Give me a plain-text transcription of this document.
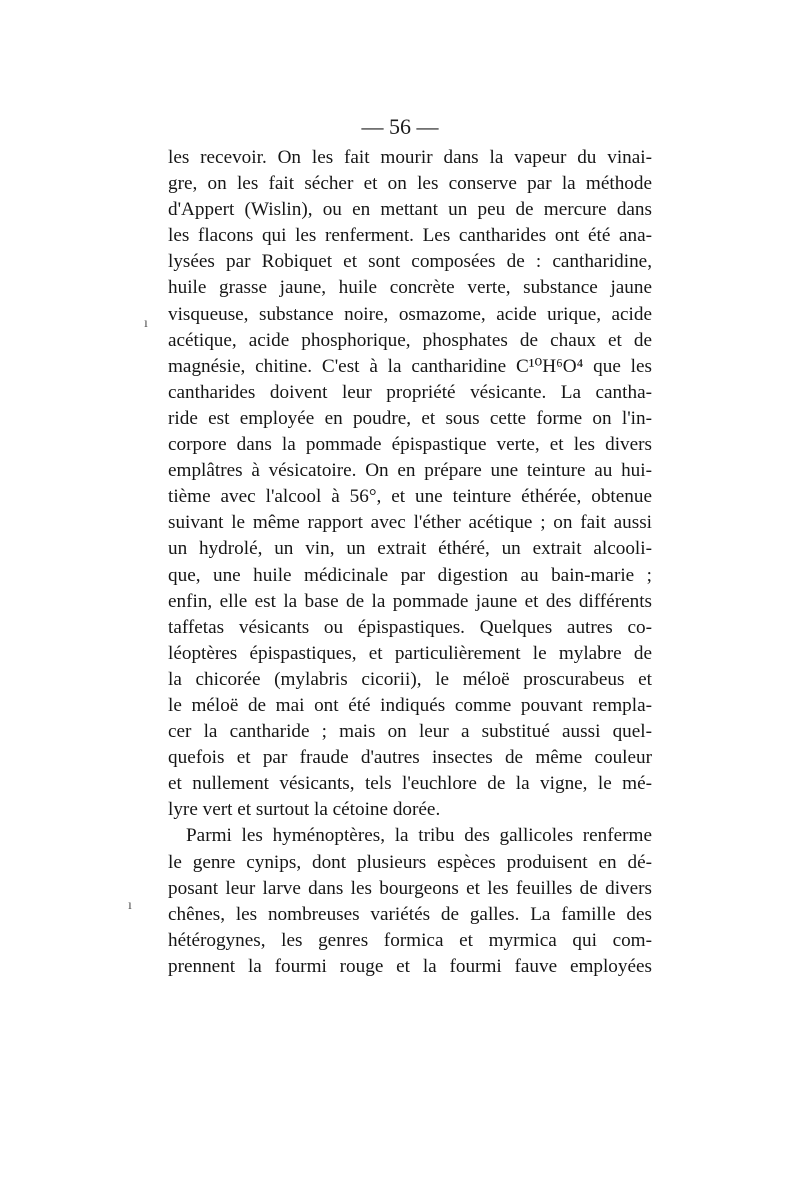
— 56 —
ı
ı
les recevoir. On les fait mourir dans la vapeur du vinai-
gre, on les fait sécher et on les conserve par la méthode
d'Appert (Wislin), ou en mettant un peu de mercure dans
les flacons qui les renferment. Les cantharides ont été ana-
lysées par Robiquet et sont composées de : cantharidine,
huile grasse jaune, huile concrète verte, substance jaune
visqueuse, substance noire, osmazome, acide urique, acide
acétique, acide phosphorique, phosphates de chaux et de
magnésie, chitine. C'est à la cantharidine C¹⁰H⁶O⁴ que les
cantharides doivent leur propriété vésicante. La cantha-
ride est employée en poudre, et sous cette forme on l'in-
corpore dans la pommade épispastique verte, et les divers
emplâtres à vésicatoire. On en prépare une teinture au hui-
tième avec l'alcool à 56°, et une teinture éthérée, obtenue
suivant le même rapport avec l'éther acétique ; on fait aussi
un hydrolé, un vin, un extrait éthéré, un extrait alcooli-
que, une huile médicinale par digestion au bain-marie ;
enfin, elle est la base de la pommade jaune et des différents
taffetas vésicants ou épispastiques. Quelques autres co-
léoptères épispastiques, et particulièrement le mylabre de
la chicorée (mylabris cicorii), le méloë proscurabeus et
le méloë de mai ont été indiqués comme pouvant rempla-
cer la cantharide ; mais on leur a substitué aussi quel-
quefois et par fraude d'autres insectes de même couleur
et nullement vésicants, tels l'euchlore de la vigne, le mé-
lyre vert et surtout la cétoine dorée.
Parmi les hyménoptères, la tribu des gallicoles renferme
le genre cynips, dont plusieurs espèces produisent en dé-
posant leur larve dans les bourgeons et les feuilles de divers
chênes, les nombreuses variétés de galles. La famille des
hétérogynes, les genres formica et myrmica qui com-
prennent la fourmi rouge et la fourmi fauve employées
